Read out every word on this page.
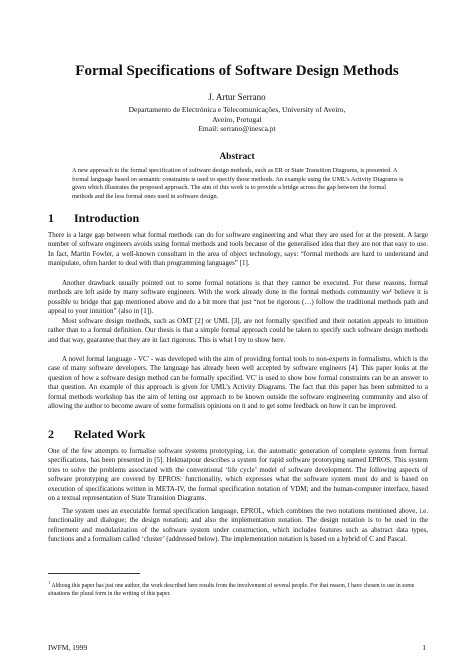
Formal Specifications of Software Design Methods

J. Artur Serrano

Departamento de Electrónica e Telecomunicações, University of Aveiro,
Aveiro, Portugal
Email: serrano@inesca.pt
Abstract

A new approach to the formal specification of software design methods, such as ER or State Transition Diagrams, is presented. A formal language based on semantic constraints is used to specify those methods. An example using the UML's Activity Diagrams is given which illustrates the proposed approach. The aim of this work is to provide a bridge across the gap between the formal methods and the less formal ones used in software design.

1 Introduction

There is a large gap between what formal methods can do for software engineering and what they are used for at the present. A large number of software engineers avoids using formal methods and tools because of the generalised idea that they are not that easy to use. In fact, Martin Fowler, a well-known consultant in the area of object technology, says: “formal methods are hard to understand and manipulate, often harder to deal with than programming languages” [1].

Another drawback usually pointed out to some formal notations is that they cannot be executed. For these reasons, formal methods are left aside by many software engineers. With the work already done in the formal methods community we¹ believe it is possible to bridge that gap mentioned above and do a bit more that just “not be rigorous (…) follow the traditional methods path and appeal to your intuition” (also in [1]).

Most software design methods, such as OMT [2] or UML [3], are not formally specified and their notation appeals to intuition rather than to a formal definition. Our thesis is that a simple formal approach could be taken to specify such software design methods and that way, guarantee that they are in fact rigorous. This is what I try to show here.

A novel formal language - VC' - was developed with the aim of providing formal tools to non-experts in formalisms, which is the case of many software developers. The language has already been well accepted by software engineers [4]. This paper looks at the question of how a software design method can be formally specified. VC' is used to show how formal constraints can be an answer to that question. An example of this approach is given for UML's Activity Diagrams. The fact that this paper has been submitted to a formal methods workshop has the aim of letting our approach to be known outside the software engineering community and also of allowing the author to become aware of some formalists opinions on it and to get some feedback on how it can be improved.

2 Related Work

One of the few attempts to formalise software systems prototyping, i.e. the automatic generation of complete systems from formal specifications, has been presented in [5]. Hekmatpour describes a system for rapid software prototyping named EPROS. This system tries to solve the problems associated with the conventional ‘life cycle’ model of software development. The following aspects of software prototyping are covered by EPROS: functionality, which expresses what the software system must do and is based on execution of specifications written in META-IV, the formal specification notation of VDM; and the human-computer interface, based on a textual representation of State Transition Diagrams.

The system uses an executable formal specification language, EPROL, which combines the two notations mentioned above, i.e. functionality and dialogue; the design notation; and also the implementation notation. The design notation is to be used in the refinement and modularization of the software system under construction, which includes features such as abstract data types, functions and a formalism called ‘cluster’ (addressed below). The implementation notation is based on a hybrid of C and Pascal.

$^1$ Althoug this paper has just one author, the work described here results from the involvement of several people. For that reason, I have chosen to use in some situations the plural form in the writing of this paper.

IWFM, 1999	1
